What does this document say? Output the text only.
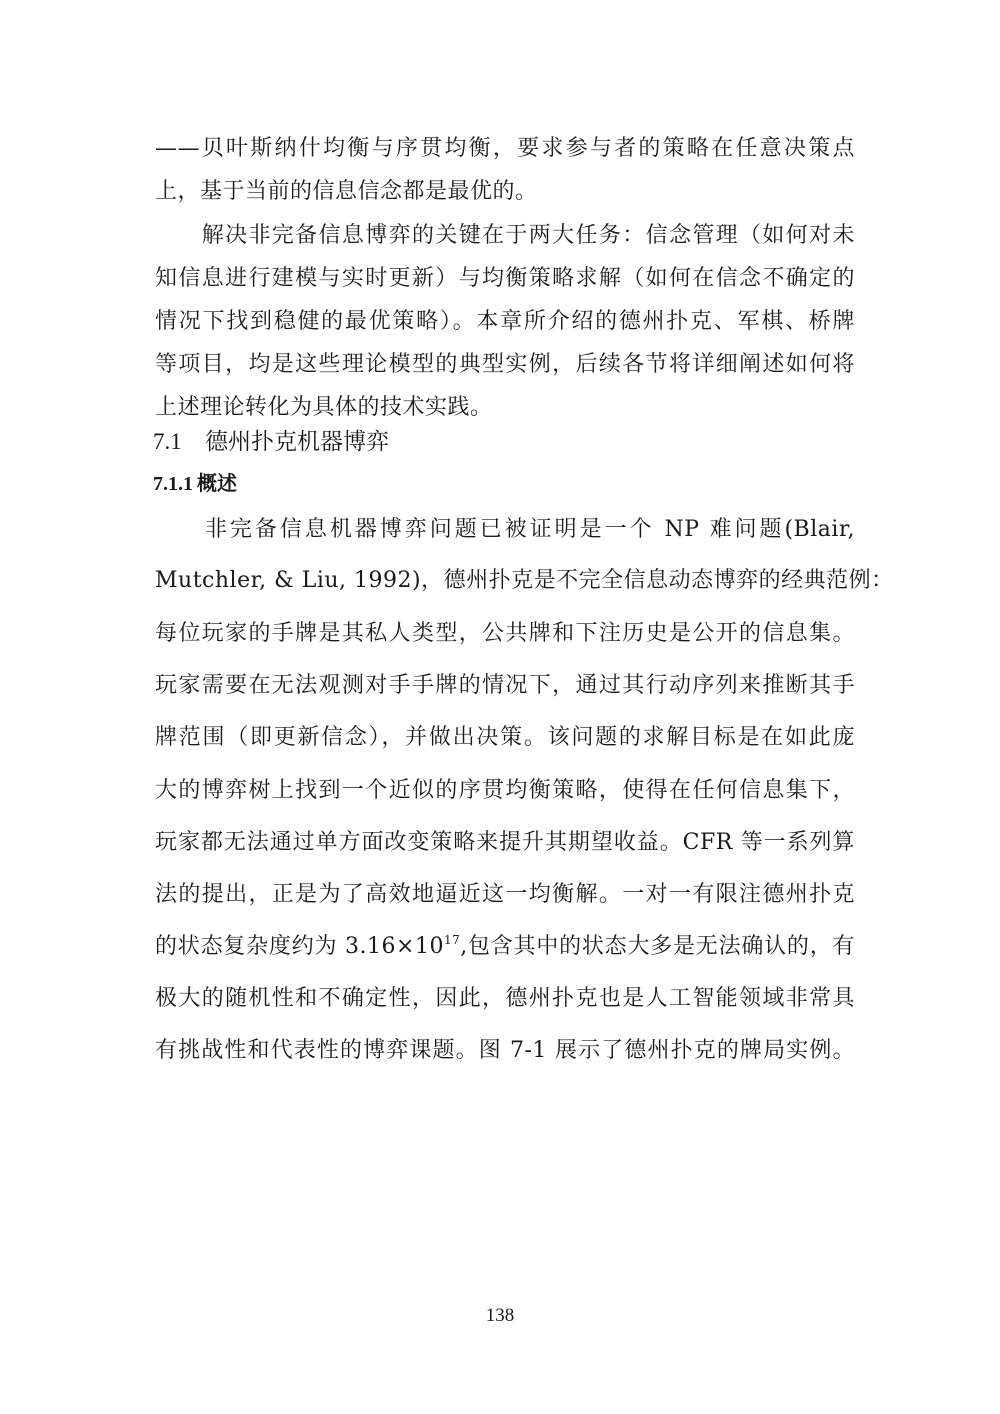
——贝叶斯纳什均衡与序贯均衡，要求参与者的策略在任意决策点
上，基于当前的信息信念都是最优的。
　　解决非完备信息博弈的关键在于两大任务：信念管理（如何对未
知信息进行建模与实时更新）与均衡策略求解（如何在信念不确定的
情况下找到稳健的最优策略）。本章所介绍的德州扑克、军棋、桥牌
等项目，均是这些理论模型的典型实例，后续各节将详细阐述如何将
上述理论转化为具体的技术实践。
7.1 德州扑克机器博弈
7.1.1 概述
　　非完备信息机器博弈问题已被证明是一个 NP 难问题(Blair,
Mutchler, & Liu, 1992)，德州扑克是不完全信息动态博弈的经典范例：
每位玩家的手牌是其私人类型，公共牌和下注历史是公开的信息集。
玩家需要在无法观测对手手牌的情况下，通过其行动序列来推断其手
牌范围（即更新信念），并做出决策。该问题的求解目标是在如此庞
大的博弈树上找到一个近似的序贯均衡策略，使得在任何信息集下，
玩家都无法通过单方面改变策略来提升其期望收益。CFR 等一系列算
法的提出，正是为了高效地逼近这一均衡解。一对一有限注德州扑克
的状态复杂度约为 $3.16\times 10^{17}$,包含其中的状态大多是无法确认的，有
极大的随机性和不确定性，因此，德州扑克也是人工智能领域非常具
有挑战性和代表性的博弈课题。图 7-1 展示了德州扑克的牌局实例。
138
